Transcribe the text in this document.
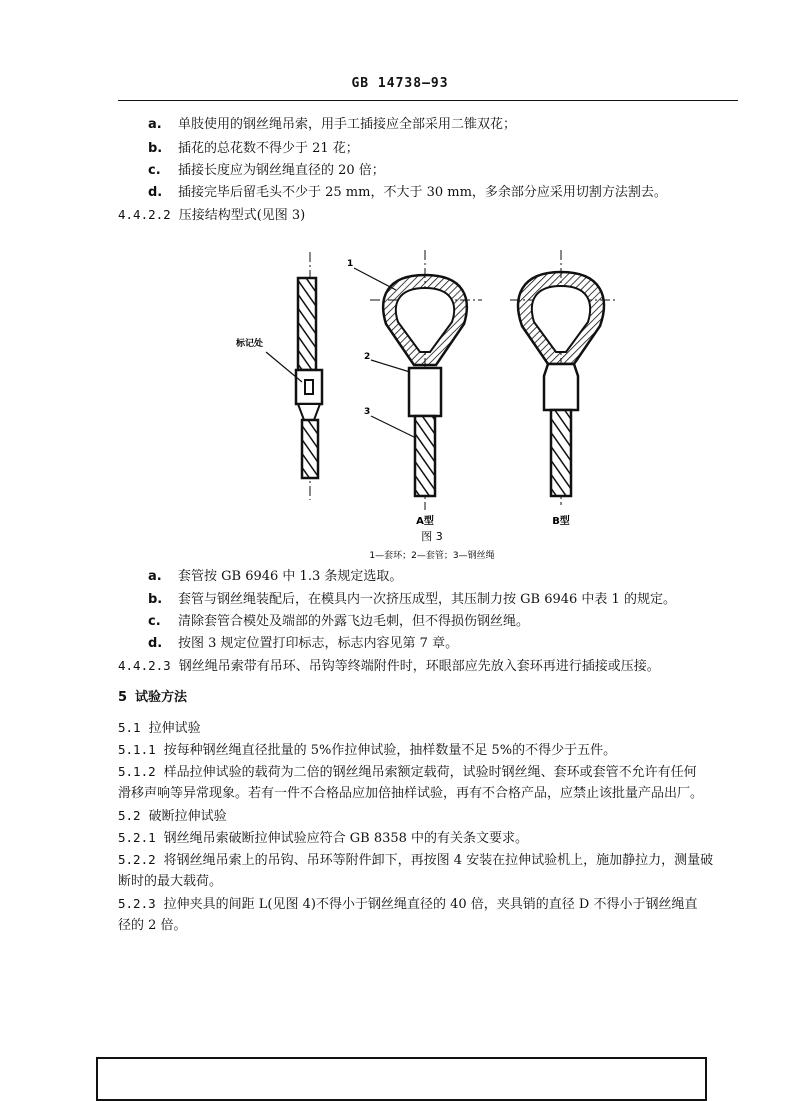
GB 14738—93
a. 单肢使用的钢丝绳吊索，用手工插接应全部采用二锥双花；
b. 插花的总花数不得少于 21 花；
c. 插接长度应为钢丝绳直径的 20 倍；
d. 插接完毕后留毛头不少于 25 mm，不大于 30 mm，多余部分应采用切割方法割去。
4.4.2.2 压接结构型式(见图 3)
标记处
1
2
3
A型	B型
图 3
1—套环；2—套管；3—钢丝绳
a. 套管按 GB 6946 中 1.3 条规定选取。
b. 套管与钢丝绳装配后，在模具内一次挤压成型，其压制力按 GB 6946 中表 1 的规定。
c. 清除套管合模处及端部的外露飞边毛刺，但不得损伤钢丝绳。
d. 按图 3 规定位置打印标志，标志内容见第 7 章。
4.4.2.3 钢丝绳吊索带有吊环、吊钩等终端附件时，环眼部应先放入套环再进行插接或压接。
5 试验方法
5.1 拉伸试验
5.1.1 按每种钢丝绳直径批量的 5%作拉伸试验，抽样数量不足 5%的不得少于五件。
5.1.2 样品拉伸试验的载荷为二倍的钢丝绳吊索额定载荷，试验时钢丝绳、套环或套管不允许有任何
滑移声响等异常现象。若有一件不合格品应加倍抽样试验，再有不合格产品，应禁止该批量产品出厂。
5.2 破断拉伸试验
5.2.1 钢丝绳吊索破断拉伸试验应符合 GB 8358 中的有关条文要求。
5.2.2 将钢丝绳吊索上的吊钩、吊环等附件卸下，再按图 4 安装在拉伸试验机上，施加静拉力，测量破
断时的最大载荷。
5.2.3 拉伸夹具的间距 L(见图 4)不得小于钢丝绳直径的 40 倍，夹具销的直径 D 不得小于钢丝绳直
径的 2 倍。
